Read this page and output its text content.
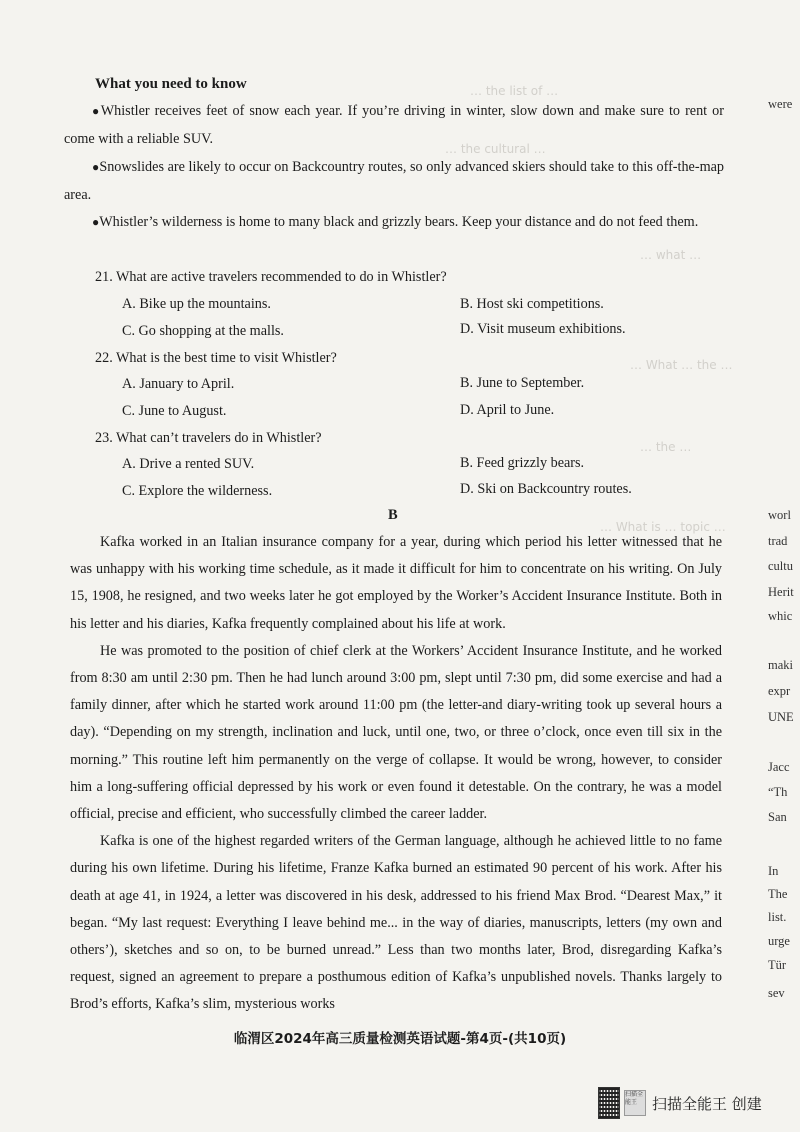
… the list of …
… the cultural …
… what …
… What … the …
… the …
… What is … topic …
What you need to know
●Whistler receives feet of snow each year. If you’re driving in winter, slow down and make sure to rent or come with a reliable SUV.
●Snowslides are likely to occur on Backcountry routes, so only advanced skiers should take to this off-the-map area.
●Whistler’s wilderness is home to many black and grizzly bears. Keep your distance and do not feed them.
21. What are active travelers recommended to do in Whistler?
A. Bike up the mountains.	B. Host ski competitions.
C. Go shopping at the malls.	D. Visit museum exhibitions.
22. What is the best time to visit Whistler?
A. January to April.	B. June to September.
C. June to August.	D. April to June.
23. What can’t travelers do in Whistler?
A. Drive a rented SUV.	B. Feed grizzly bears.
C. Explore the wilderness.	D. Ski on Backcountry routes.
B

Kafka worked in an Italian insurance company for a year, during which period his letter witnessed that he was unhappy with his working time schedule, as it made it difficult for him to concentrate on his writing. On July 15, 1908, he resigned, and two weeks later he got employed by the Worker’s Accident Insurance Institute. Both in his letter and his diaries, Kafka frequently complained about his life at work.

He was promoted to the position of chief clerk at the Workers’ Accident Insurance Institute, and he worked from 8:30 am until 2:30 pm. Then he had lunch around 3:00 pm, slept until 7:30 pm, did some exercise and had a family dinner, after which he started work around 11:00 pm (the letter-and diary-writing took up several hours a day). “Depending on my strength, inclination and luck, until one, two, or three o’clock, once even till six in the morning.” This routine left him permanently on the verge of collapse. It would be wrong, however, to consider him a long-suffering official depressed by his work or even found it detestable. On the contrary, he was a model official, precise and efficient, who successfully climbed the career ladder.

Kafka is one of the highest regarded writers of the German language, although he achieved little to no fame during his own lifetime. During his lifetime, Franze Kafka burned an estimated 90 percent of his work. After his death at age 41, in 1924, a letter was discovered in his desk, addressed to his friend Max Brod. “Dearest Max,” it began. “My last request: Everything I leave behind me... in the way of diaries, manuscripts, letters (my own and others’), sketches and so on, to be burned unread.” Less than two months later, Brod, disregarding Kafka’s request, signed an agreement to prepare a posthumous edition of Kafka’s unpublished novels. Thanks largely to Brod’s efforts, Kafka’s slim, mysterious works

临渭区2024年高三质量检测英语试题-第4页-(共10页)
were
worl
trad
cultu
Herit
whic
maki
expr
UNE
Jacc
“Th
San
In
The
list.
urge
Tür
sev
扫描全能王 扫描全能王 创建
